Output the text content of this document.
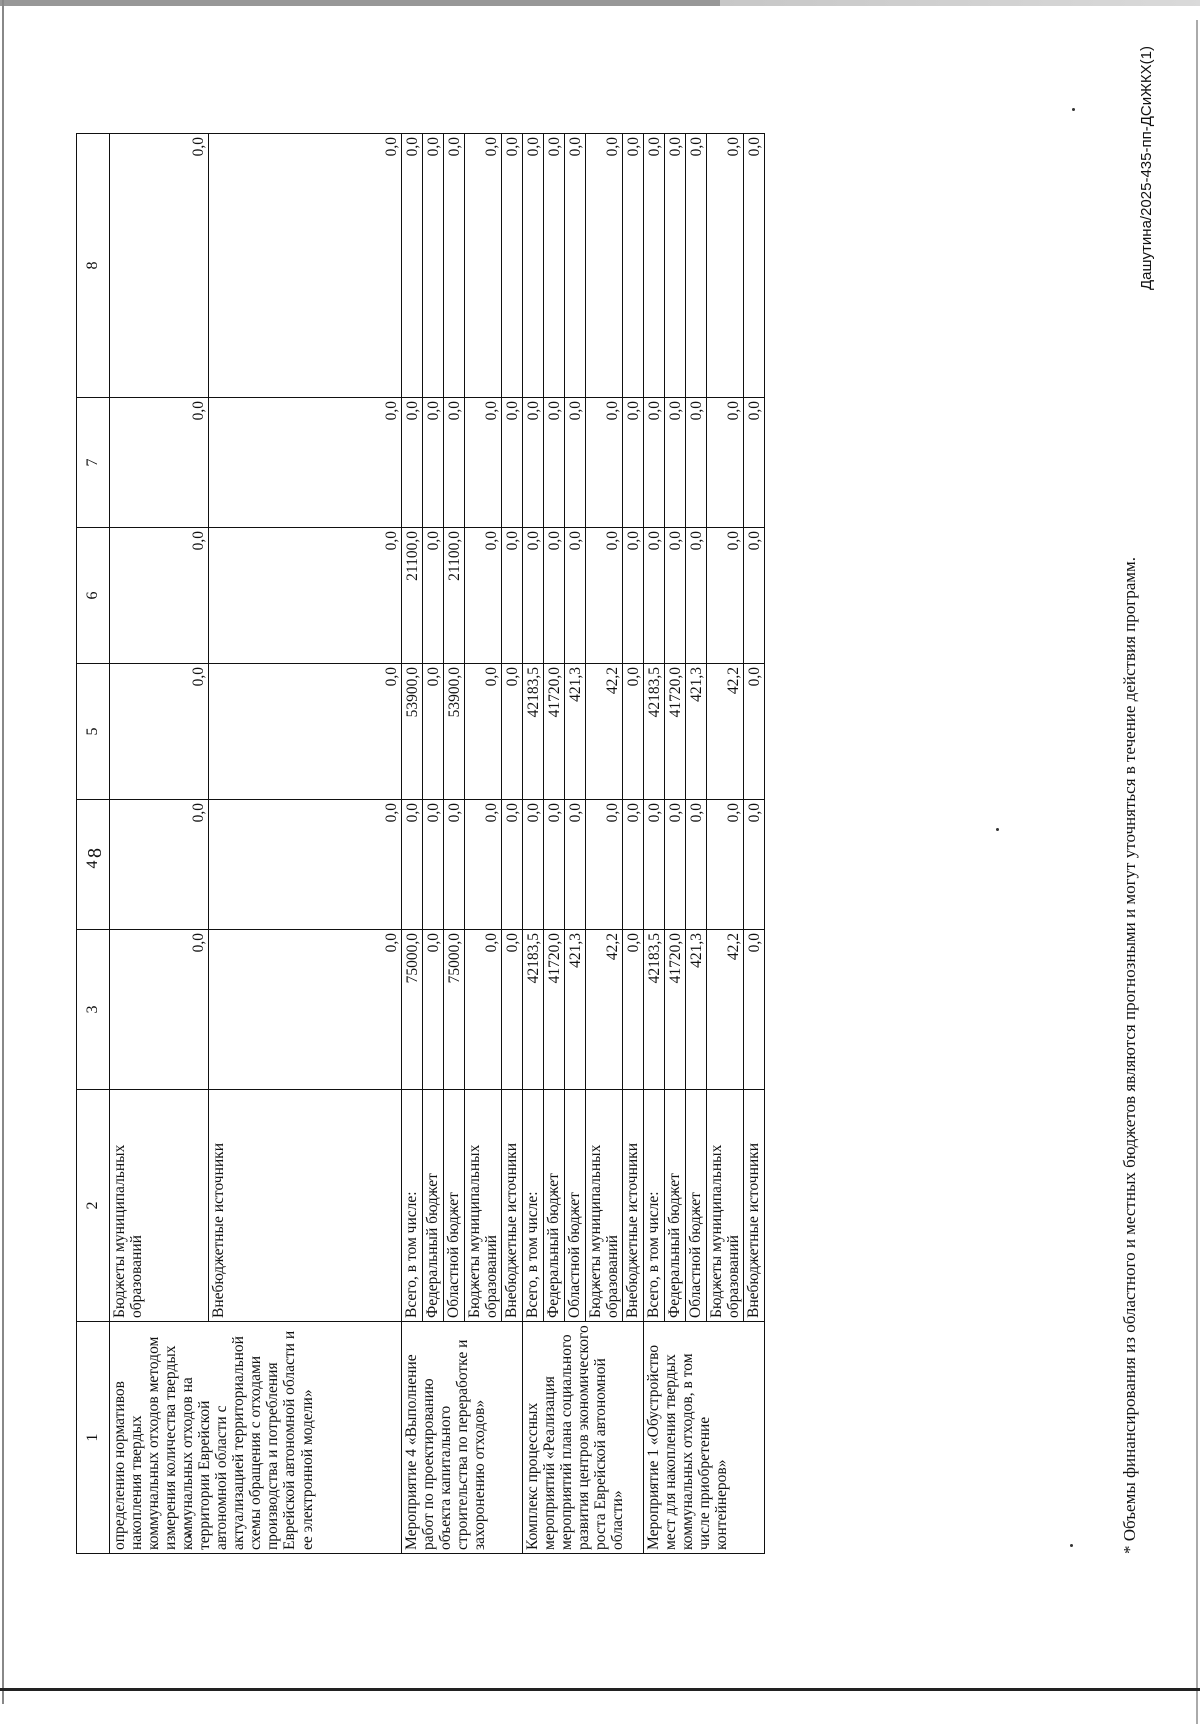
8
1	2	3	4	5	6	7	8
определению нормативов накопления твердых коммунальных отходов методом измерения количества твердых коммунальных отходов на территории Еврейской автономной области с актуализацией территориальной схемы обращения с отходами производства и потребления Еврейской автономной области и ее электронной модели»	Бюджеты муниципальных образований	0,0	0,0	0,0	0,0	0,0	0,0
	Внебюджетные источники	0,0	0,0	0,0	0,0	0,0	0,0
Мероприятие 4 «Выполнение работ по проектированию объекта капитального строительства по переработке и захоронению отходов»	Всего, в том числе:	75000,0	0,0	53900,0	21100,0	0,0	0,0
	Федеральный бюджет	0,0	0,0	0,0	0,0	0,0	0,0
	Областной бюджет	75000,0	0,0	53900,0	21100,0	0,0	0,0
	Бюджеты муниципальных образований	0,0	0,0	0,0	0,0	0,0	0,0
	Внебюджетные источники	0,0	0,0	0,0	0,0	0,0	0,0
Комплекс процессных мероприятий «Реализация мероприятий плана социального развития центров экономического роста Еврейской автономной области»	Всего, в том числе:	42183,5	0,0	42183,5	0,0	0,0	0,0
	Федеральный бюджет	41720,0	0,0	41720,0	0,0	0,0	0,0
	Областной бюджет	421,3	0,0	421,3	0,0	0,0	0,0
	Бюджеты муниципальных образований	42,2	0,0	42,2	0,0	0,0	0,0
	Внебюджетные источники	0,0	0,0	0,0	0,0	0,0	0,0
Мероприятие 1 «Обустройство мест для накопления твердых коммунальных отходов, в том числе приобретение контейнеров»	Всего, в том числе:	42183,5	0,0	42183,5	0,0	0,0	0,0
	Федеральный бюджет	41720,0	0,0	41720,0	0,0	0,0	0,0
	Областной бюджет	421,3	0,0	421,3	0,0	0,0	0,0
	Бюджеты муниципальных образований	42,2	0,0	42,2	0,0	0,0	0,0
	Внебюджетные источники	0,0	0,0	0,0	0,0	0,0	0,0
* Объемы финансирования из областного и местных бюджетов являются прогнозными и могут уточняться в течение действия программ.
Дашутина/2025-435-пп-ДСиЖКХ(1)
